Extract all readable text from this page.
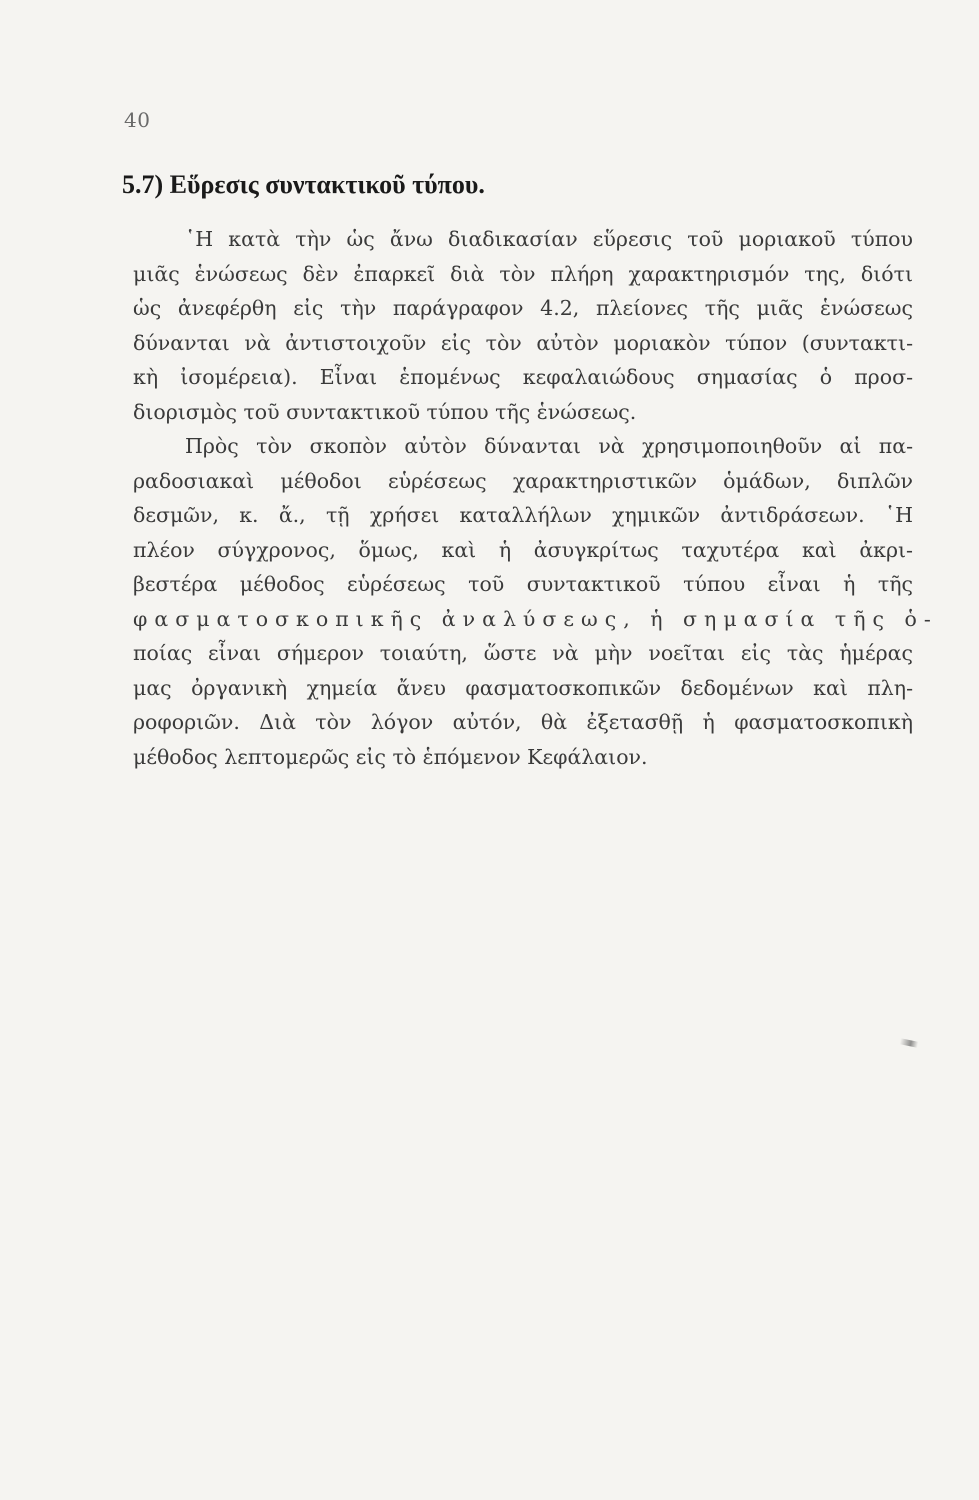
40
5.7) Εὕρεσις συντακτικοῦ τύπου.
῾Η κατὰ τὴν ὡς ἄνω διαδικασίαν εὕρεσις τοῦ μοριακοῦ τύπου
μιᾶς ἑνώσεως δὲν ἐπαρκεῖ διὰ τὸν πλήρη χαρακτηρισμόν της, διότι
ὡς ἀνεφέρθη εἰς τὴν παράγραφον 4.2, πλείονες τῆς μιᾶς ἑνώσεως
δύνανται νὰ ἀντιστοιχοῦν εἰς τὸν αὐτὸν μοριακὸν τύπον (συντακτι-
κὴ ἰσομέρεια). Εἶναι ἑπομένως κεφαλαιώδους σημασίας ὁ προσ-
διορισμὸς τοῦ συντακτικοῦ τύπου τῆς ἑνώσεως.
Πρὸς τὸν σκοπὸν αὐτὸν δύνανται νὰ χρησιμοποιηθοῦν αἱ πα-
ραδοσιακαὶ μέθοδοι εὑρέσεως χαρακτηριστικῶν ὁμάδων, διπλῶν
δεσμῶν, κ. ἄ., τῇ χρήσει καταλλήλων χημικῶν ἀντιδράσεων. ῾Η
πλέον σύγχρονος, ὅμως, καὶ ἡ ἀσυγκρίτως ταχυτέρα καὶ ἀκρι-
βεστέρα μέθοδος εὑρέσεως τοῦ συντακτικοῦ τύπου εἶναι ἡ τῆς
φασματοσκοπικῆς ἀναλύσεως, ἡ σημασία τῆς ὁ-
ποίας εἶναι σήμερον τοιαύτη, ὥστε νὰ μὴν νοεῖται εἰς τὰς ἡμέρας
μας ὀργανικὴ χημεία ἄνευ φασματοσκοπικῶν δεδομένων καὶ πλη-
ροφοριῶν. Διὰ τὸν λόγον αὐτόν, θὰ ἐξετασθῇ ἡ φασματοσκοπικὴ
μέθοδος λεπτομερῶς εἰς τὸ ἑπόμενον Κεφάλαιον.
